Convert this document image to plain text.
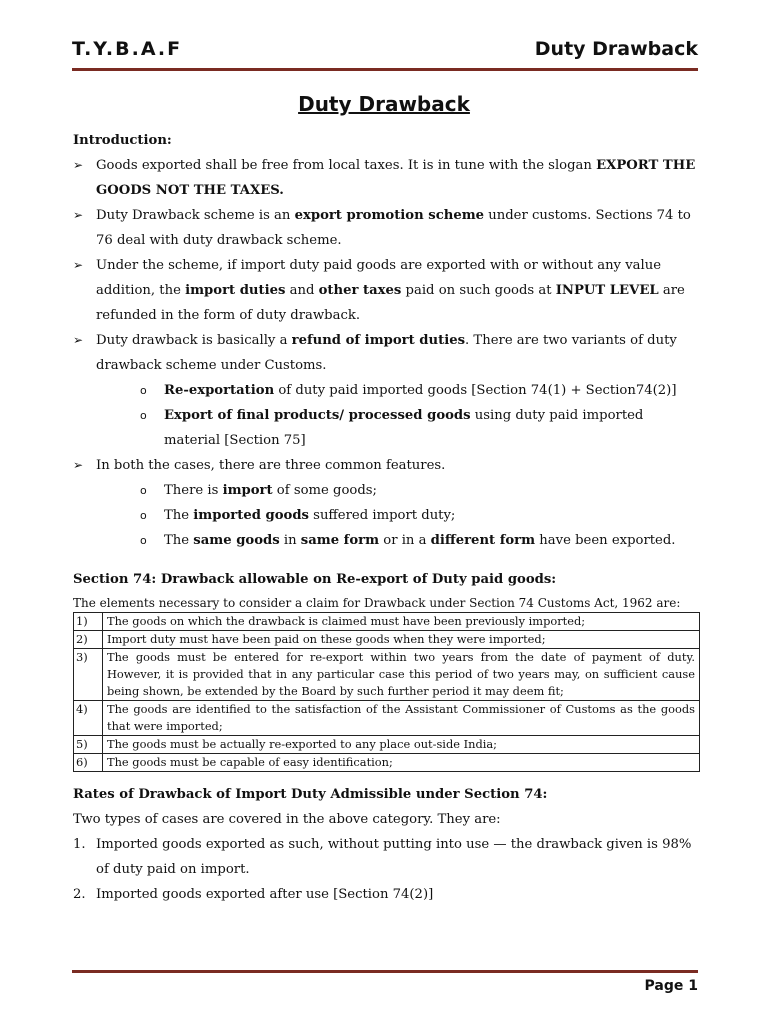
T.Y.B.A.F	Duty Drawback
Duty Drawback
Introduction:
➢ Goods exported shall be free from local taxes. It is in tune with the slogan EXPORT THE GOODS NOT THE TAXES.
➢ Duty Drawback scheme is an export promotion scheme under customs. Sections 74 to 76 deal with duty drawback scheme.
➢ Under the scheme, if import duty paid goods are exported with or without any value addition, the import duties and other taxes paid on such goods at INPUT LEVEL are refunded in the form of duty drawback.
➢ Duty drawback is basically a refund of import duties. There are two variants of duty drawback scheme under Customs.
o Re-exportation of duty paid imported goods [Section 74(1) + Section74(2)]
o Export of final products/ processed goods using duty paid imported material [Section 75]
➢ In both the cases, there are three common features.
o There is import of some goods;
o The imported goods suffered import duty;
o The same goods in same form or in a different form have been exported.
Section 74: Drawback allowable on Re-export of Duty paid goods:
The elements necessary to consider a claim for Drawback under Section 74 Customs Act, 1962 are:
1)	The goods on which the drawback is claimed must have been previously imported;
2)	Import duty must have been paid on these goods when they were imported;
3)	The goods must be entered for re-export within two years from the date of payment of duty. However, it is provided that in any particular case this period of two years may, on sufficient cause being shown, be extended by the Board by such further period it may deem fit;
4)	The goods are identified to the satisfaction of the Assistant Commissioner of Customs as the goods that were imported;
5)	The goods must be actually re-exported to any place out-side India;
6)	The goods must be capable of easy identification;
Rates of Drawback of Import Duty Admissible under Section 74:
Two types of cases are covered in the above category. They are:
1. Imported goods exported as such, without putting into use — the drawback given is 98% of duty paid on import.
2. Imported goods exported after use [Section 74(2)]
Page 1
